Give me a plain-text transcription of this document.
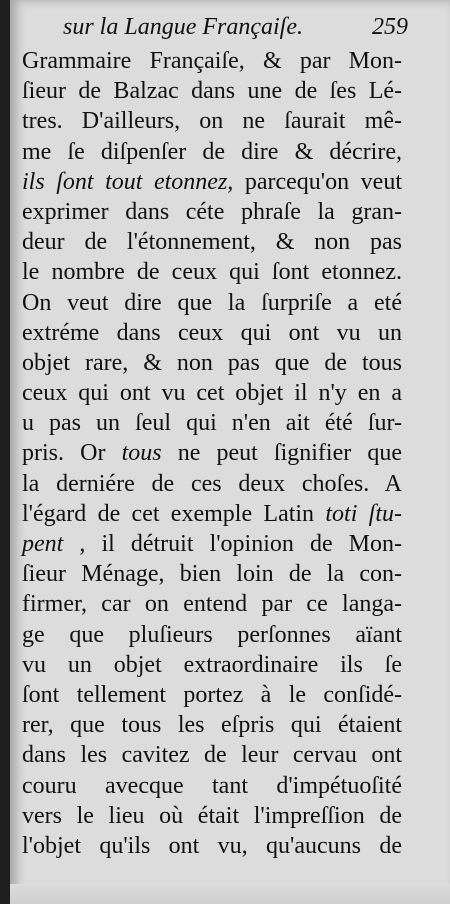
sur la Langue Françaiſe.	259
Grammaire Françaiſe, & par Mon-
ſieur de Balzac dans une de ſes Lé-
tres. D'ailleurs, on ne ſaurait mê-
me ſe diſpenſer de dire & décrire,
ils ſont tout etonnez, parcequ'on veut
exprimer dans céte phraſe la gran-
deur de l'étonnement, & non pas
le nombre de ceux qui ſont etonnez.
On veut dire que la ſurpriſe a eté
extréme dans ceux qui ont vu un
objet rare, & non pas que de tous
ceux qui ont vu cet objet il n'y en a
u pas un ſeul qui n'en ait été ſur-
pris. Or tous ne peut ſignifier que
la derniére de ces deux choſes. A
l'égard de cet exemple Latin toti ſtu-
pent , il détruit l'opinion de Mon-
ſieur Ménage, bien loin de la con-
firmer, car on entend par ce langa-
ge que pluſieurs perſonnes aïant
vu un objet extraordinaire ils ſe
ſont tellement portez à le conſidé-
rer, que tous les eſpris qui étaient
dans les cavitez de leur cervau ont
couru avecque tant d'impétuoſité
vers le lieu où était l'impreſſion de
l'objet qu'ils ont vu, qu'aucuns de
